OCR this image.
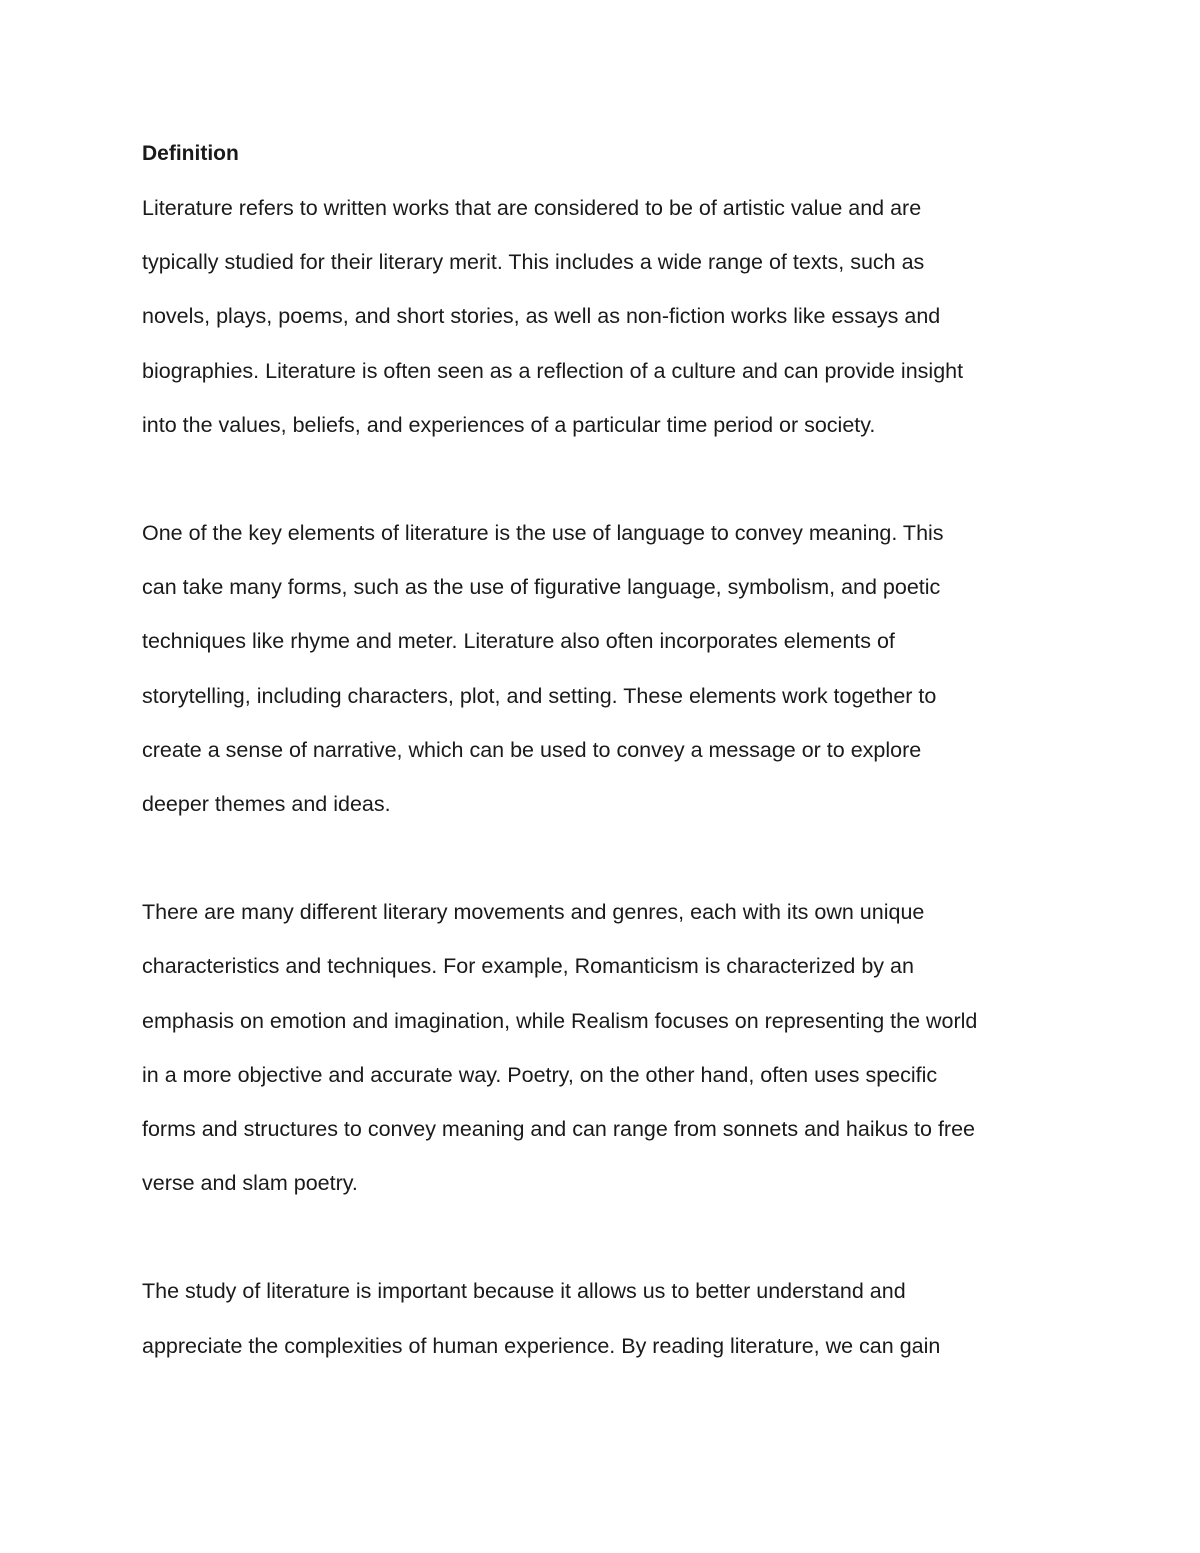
Definition

Literature refers to written works that are considered to be of artistic value and are

typically studied for their literary merit. This includes a wide range of texts, such as

novels, plays, poems, and short stories, as well as non-fiction works like essays and

biographies. Literature is often seen as a reflection of a culture and can provide insight

into the values, beliefs, and experiences of a particular time period or society.

One of the key elements of literature is the use of language to convey meaning. This

can take many forms, such as the use of figurative language, symbolism, and poetic

techniques like rhyme and meter. Literature also often incorporates elements of

storytelling, including characters, plot, and setting. These elements work together to

create a sense of narrative, which can be used to convey a message or to explore

deeper themes and ideas.

There are many different literary movements and genres, each with its own unique

characteristics and techniques. For example, Romanticism is characterized by an

emphasis on emotion and imagination, while Realism focuses on representing the world

in a more objective and accurate way. Poetry, on the other hand, often uses specific

forms and structures to convey meaning and can range from sonnets and haikus to free

verse and slam poetry.

The study of literature is important because it allows us to better understand and

appreciate the complexities of human experience. By reading literature, we can gain
